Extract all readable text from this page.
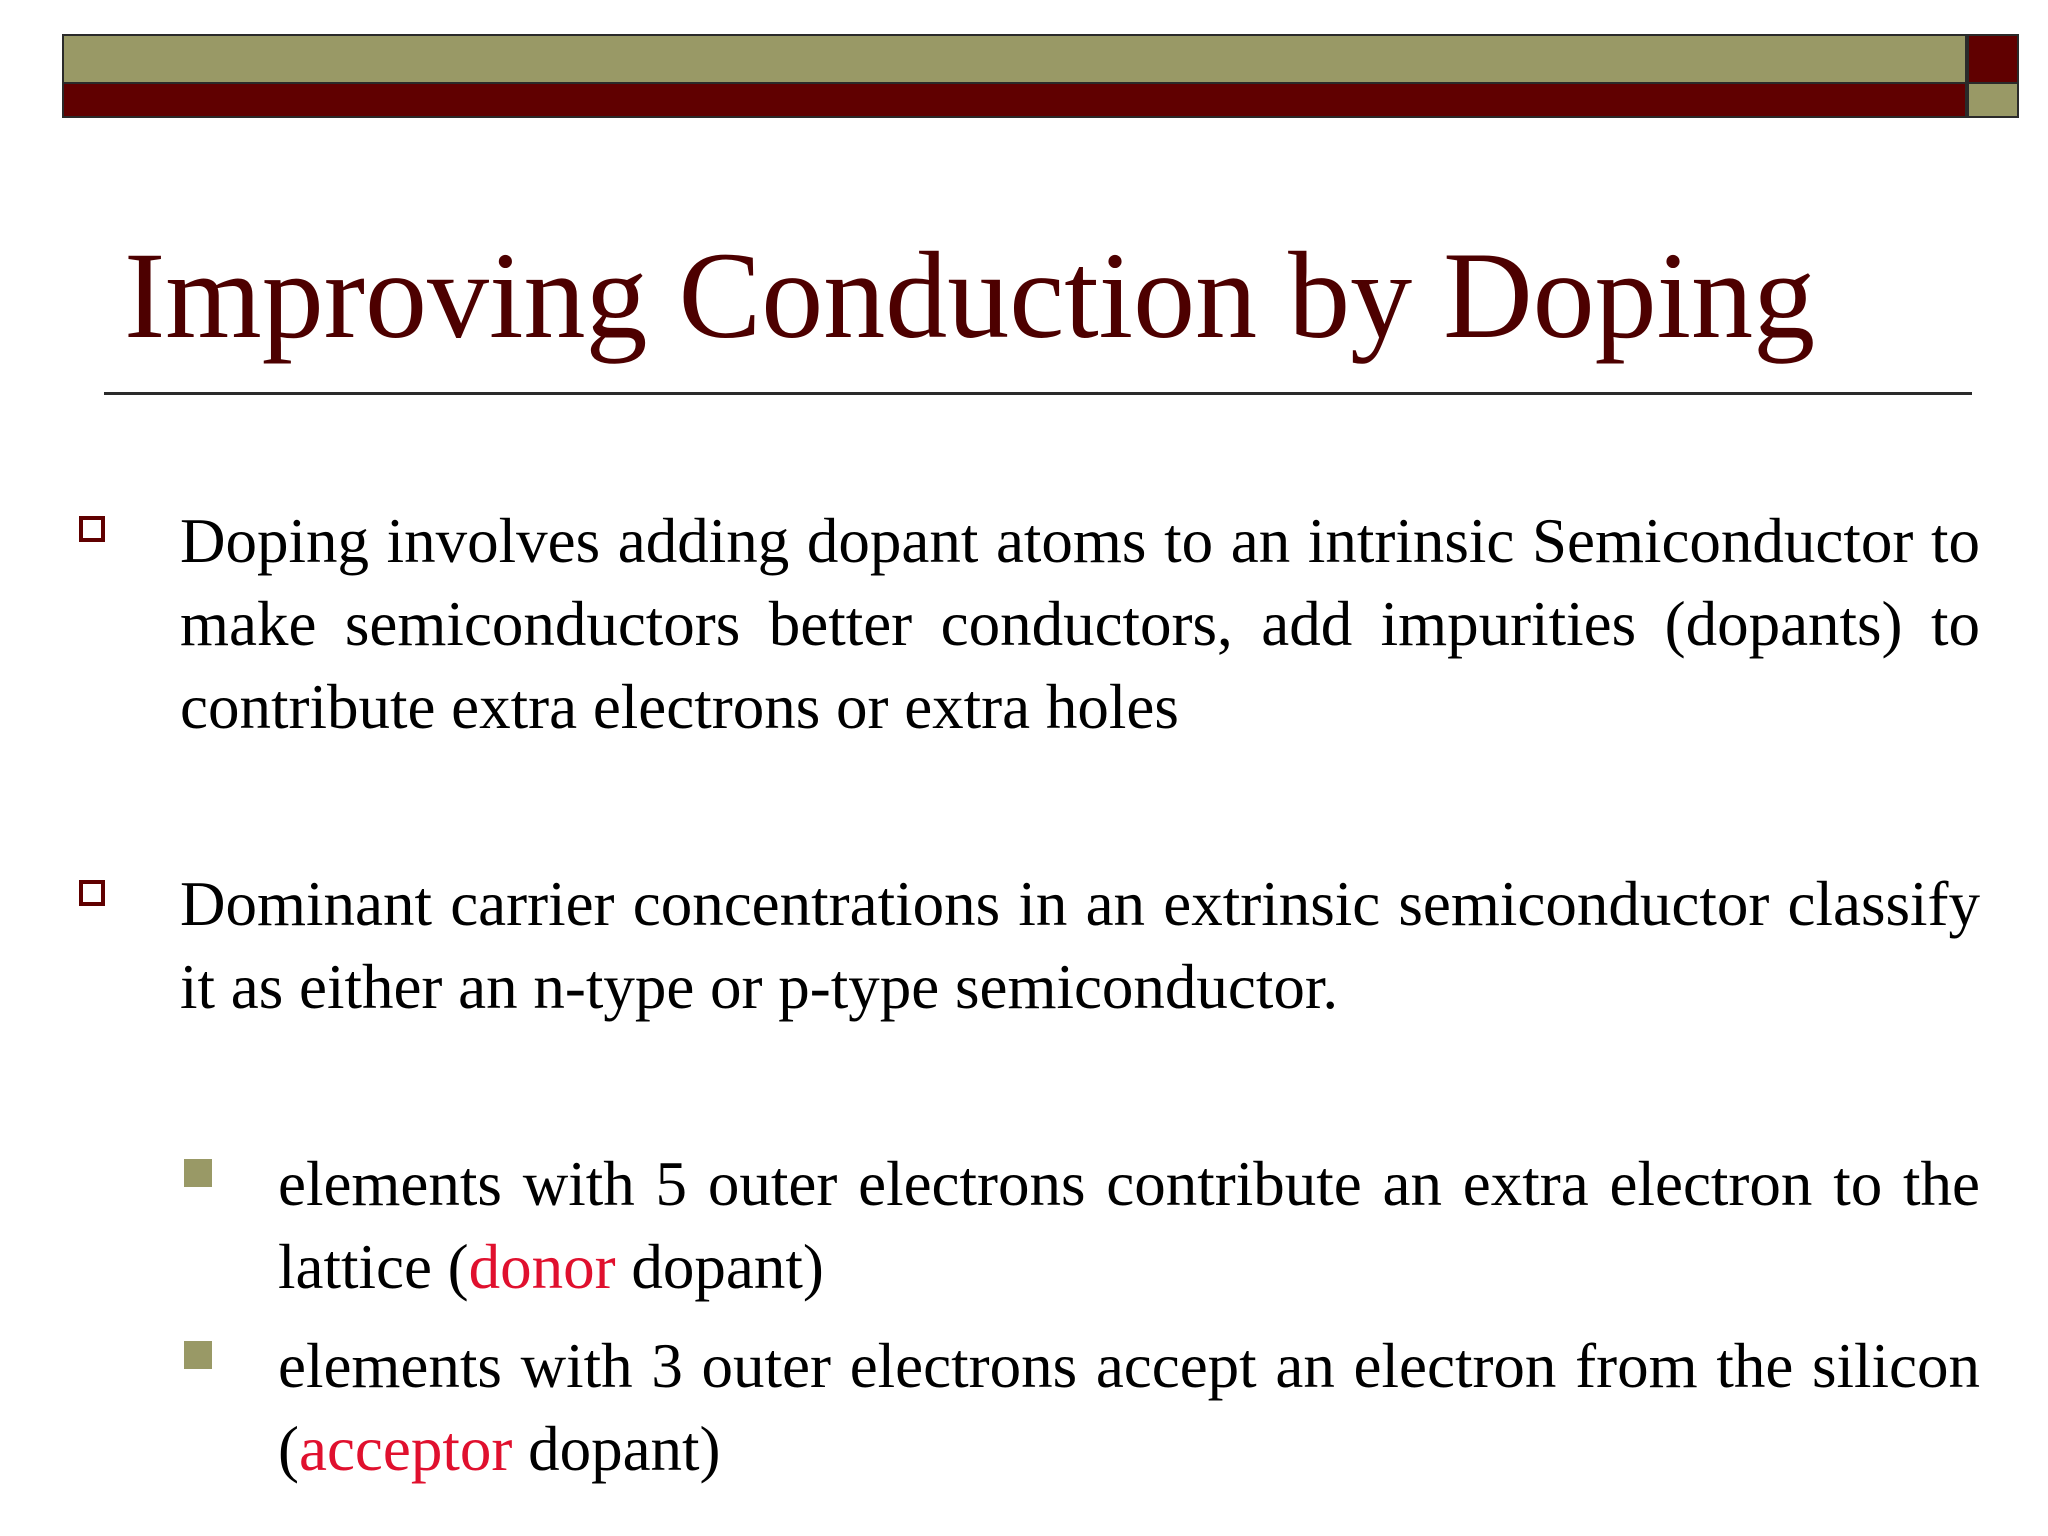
Improving Conduction by Doping

Doping involves adding dopant atoms to an intrinsic Semiconductor to make semiconductors better conductors, add impurities (dopants) to contribute extra electrons or extra holes

Dominant carrier concentrations in an extrinsic semiconductor classify it as either an n-type or p-type semiconductor.

elements with 5 outer electrons contribute an extra electron to the lattice (donor dopant)

elements with 3 outer electrons accept an electron from the silicon (acceptor dopant)
